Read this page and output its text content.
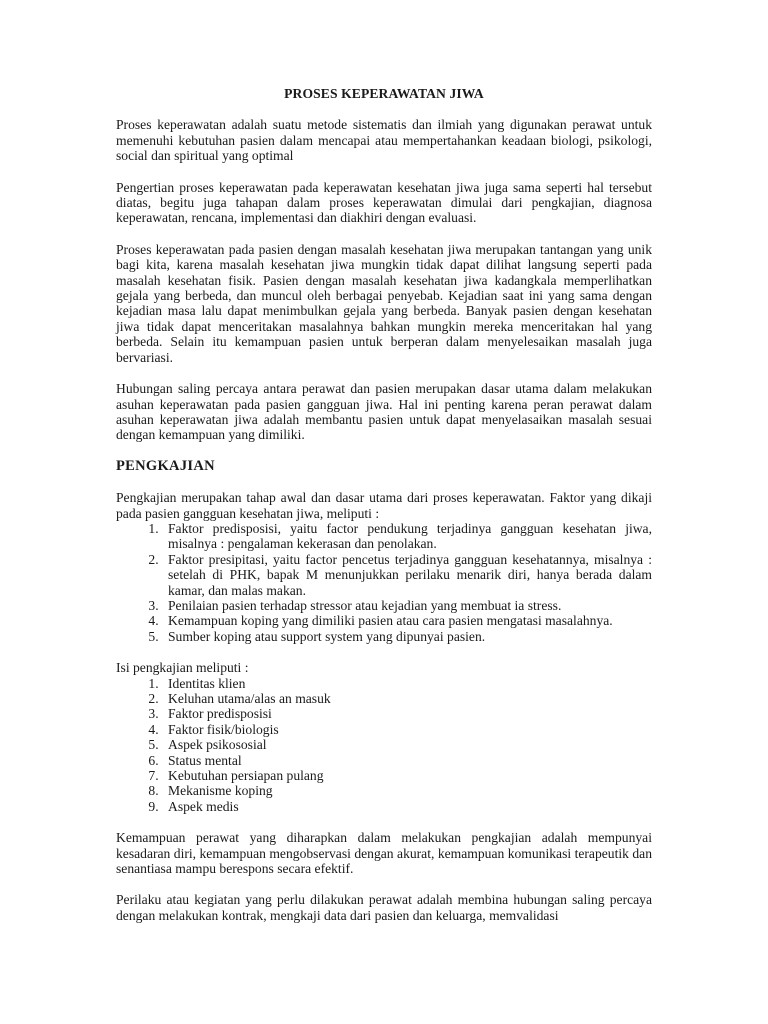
PROSES KEPERAWATAN JIWA

Proses keperawatan adalah suatu metode sistematis dan ilmiah yang digunakan perawat untuk memenuhi kebutuhan pasien dalam mencapai atau mempertahankan keadaan biologi, psikologi, social dan spiritual yang optimal

Pengertian proses keperawatan pada keperawatan kesehatan jiwa juga sama seperti hal tersebut diatas, begitu juga tahapan dalam proses keperawatan dimulai dari pengkajian, diagnosa keperawatan, rencana, implementasi dan diakhiri dengan evaluasi.

Proses keperawatan pada pasien dengan masalah kesehatan jiwa merupakan tantangan yang unik bagi kita, karena masalah kesehatan jiwa mungkin tidak dapat dilihat langsung seperti pada masalah kesehatan fisik. Pasien dengan masalah kesehatan jiwa kadangkala memperlihatkan gejala yang berbeda, dan muncul oleh berbagai penyebab. Kejadian saat ini yang sama dengan kejadian masa lalu dapat menimbulkan gejala yang berbeda. Banyak pasien dengan kesehatan jiwa tidak dapat menceritakan masalahnya bahkan mungkin mereka menceritakan hal yang berbeda. Selain itu kemampuan pasien untuk berperan dalam menyelesaikan masalah juga bervariasi.

Hubungan saling percaya antara perawat dan pasien merupakan dasar utama dalam melakukan asuhan keperawatan pada pasien gangguan jiwa. Hal ini penting karena peran perawat dalam asuhan keperawatan jiwa adalah membantu pasien untuk dapat menyelasaikan masalah sesuai dengan kemampuan yang dimiliki.

PENGKAJIAN

Pengkajian merupakan tahap awal dan dasar utama dari proses keperawatan. Faktor yang dikaji pada pasien gangguan kesehatan jiwa, meliputi :

1. Faktor predisposisi, yaitu factor pendukung terjadinya gangguan kesehatan jiwa, misalnya : pengalaman kekerasan dan penolakan.
2. Faktor presipitasi, yaitu factor pencetus terjadinya gangguan kesehatannya, misalnya : setelah di PHK, bapak M menunjukkan perilaku menarik diri, hanya berada dalam kamar, dan malas makan.
3. Penilaian pasien terhadap stressor atau kejadian yang membuat ia stress.
4. Kemampuan koping yang dimiliki pasien atau cara pasien mengatasi masalahnya.
5. Sumber koping atau support system yang dipunyai pasien.

Isi pengkajian meliputi :

1. Identitas klien
2. Keluhan utama/alas an masuk
3. Faktor predisposisi
4. Faktor fisik/biologis
5. Aspek psikososial
6. Status mental
7. Kebutuhan persiapan pulang
8. Mekanisme koping
9. Aspek medis

Kemampuan perawat yang diharapkan dalam melakukan pengkajian adalah mempunyai kesadaran diri, kemampuan mengobservasi dengan akurat, kemampuan komunikasi terapeutik dan senantiasa mampu berespons secara efektif.

Perilaku atau kegiatan yang perlu dilakukan perawat adalah membina hubungan saling percaya dengan melakukan kontrak, mengkaji data dari pasien dan keluarga, memvalidasi
